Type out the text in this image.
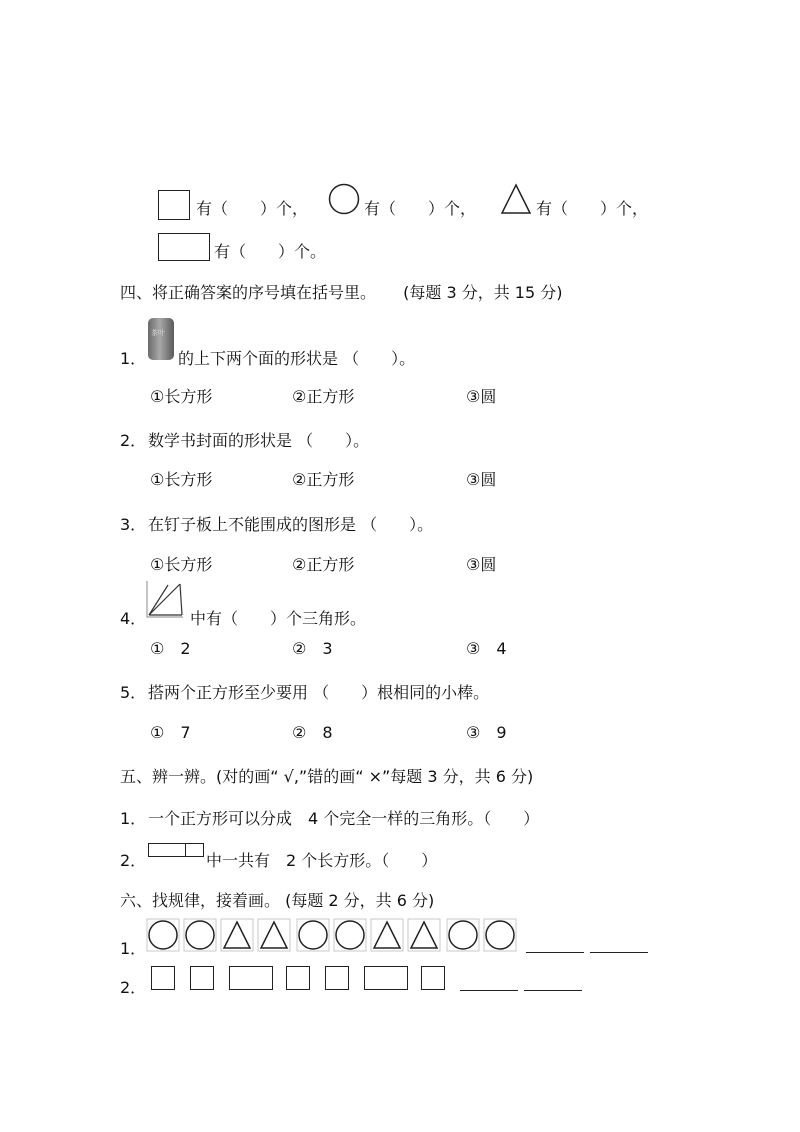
有（　　）个，	有（　　）个，	有（　　）个，
有（　　）个。
四、将正确答案的序号填在括号里。 (每题 3 分，共 15 分)
1．
茶叶
的上下两个面的形状是 （　　）。
①长方形	②正方形	③圆
2． 数学书封面的形状是 （　　）。
①长方形	②正方形	③圆
3． 在钉子板上不能围成的图形是 （　　）。
①长方形	②正方形	③圆
4．	中有（　　）个三角形。
①　2	②　3	③　4
5． 搭两个正方形至少要用 （　　）根相同的小棒。
①　7	②　8	③　9
五、辨一辨。(对的画“ √,”错的画“ ×”每题 3 分，共 6 分)
1． 一个正方形可以分成　4 个完全一样的三角形。（　　）
2．	中一共有　2 个长方形。（　　）
六、找规律，接着画。 (每题 2 分，共 6 分)
1．
2．
